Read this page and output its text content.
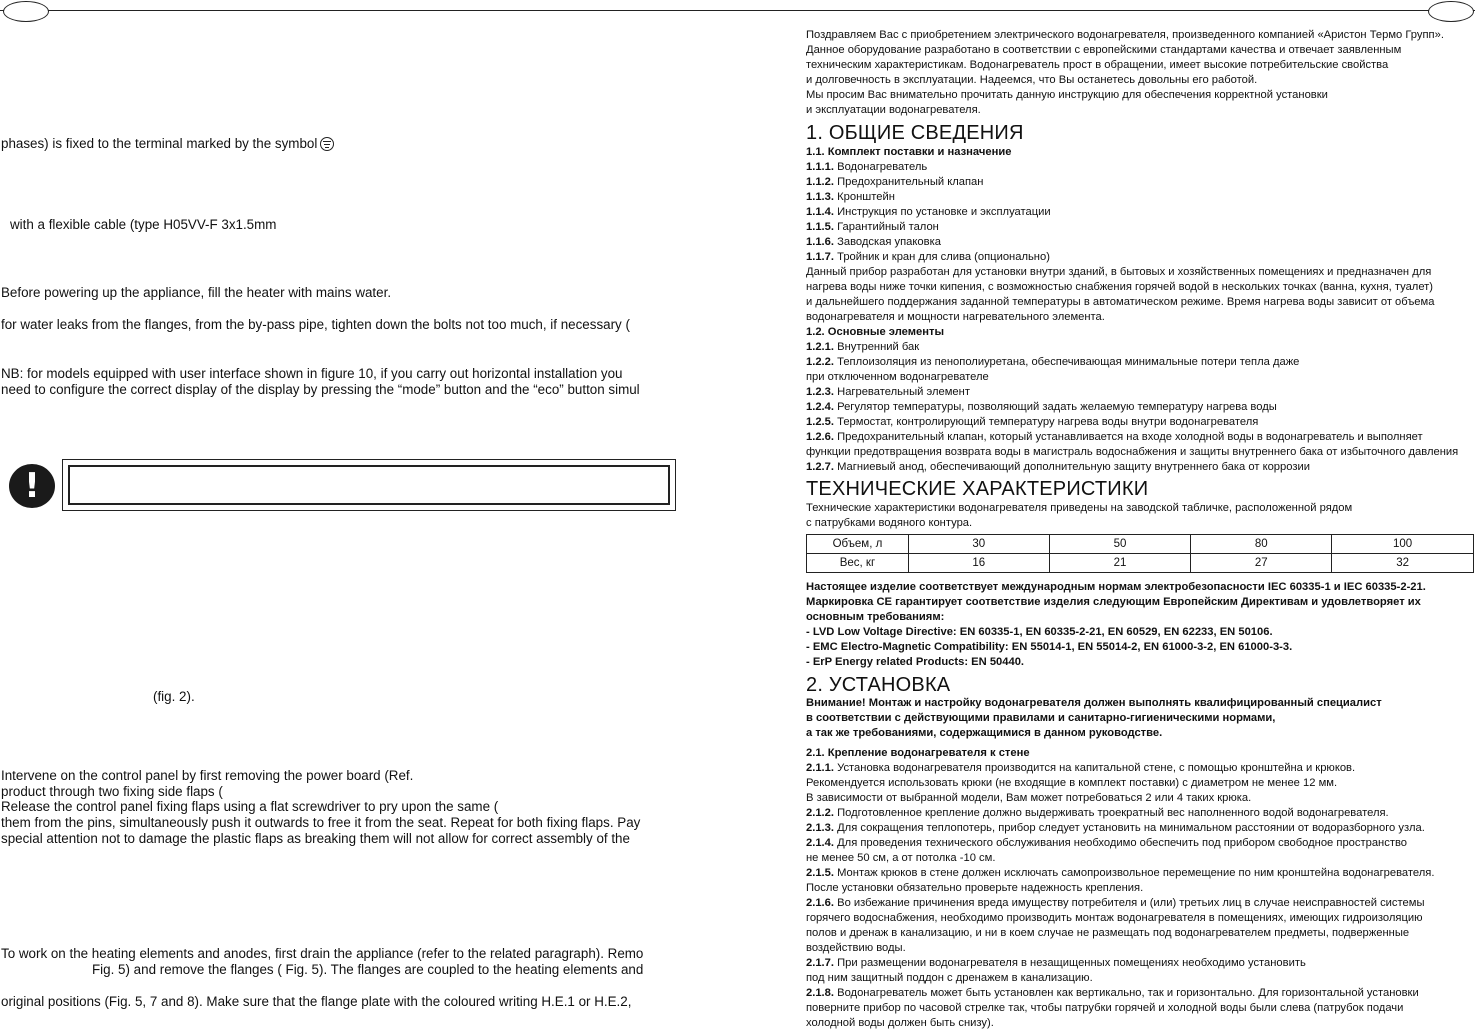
phases) is fixed to the terminal marked by the symbol
with a flexible cable (type H05VV-F 3x1.5mm
Before powering up the appliance, fill the heater with mains water.
for water leaks from the flanges, from the by-pass pipe, tighten down the bolts not too much, if necessary (
NB: for models equipped with user interface shown in figure 10, if you carry out horizontal installation you
need to configure the correct display of the display by pressing the “mode” button and the “eco” button simul
!
(fig. 2).
Intervene on the control panel by first removing the power board (Ref.
product through two fixing side flaps (
Release the control panel fixing flaps using a flat screwdriver to pry upon the same (
them from the pins, simultaneously push it outwards to free it from the seat. Repeat for both fixing flaps. Pay
special attention not to damage the plastic flaps as breaking them will not allow for correct assembly of the
To work on the heating elements and anodes, first drain the appliance (refer to the related paragraph). Remo
Fig. 5) and remove the flanges ( Fig. 5). The flanges are coupled to the heating elements and
original positions (Fig. 5, 7 and 8). Make sure that the flange plate with the coloured writing H.E.1 or H.E.2,
Поздравляем Вас с приобретением электрического водонагревателя, произведенного компанией «Аристон Термо Групп».
Данное оборудование разработано в соответствии с европейскими стандартами качества и отвечает заявленным
техническим характеристикам. Водонагреватель прост в обращении, имеет высокие потребительские свойства
и долговечность в эксплуатации. Надеемся, что Вы останетесь довольны его работой.
Мы просим Вас внимательно прочитать данную инструкцию для обеспечения корректной установки
и эксплуатации водонагревателя.
1. ОБЩИЕ СВЕДЕНИЯ
1.1. Комплект поставки и назначение
1.1.1. Водонагреватель
1.1.2. Предохранительный клапан
1.1.3. Кронштейн
1.1.4. Инструкция по установке и эксплуатации
1.1.5. Гарантийный талон
1.1.6. Заводская упаковка
1.1.7. Тройник и кран для слива (опционально)
Данный прибор разработан для установки внутри зданий, в бытовых и хозяйственных помещениях и предназначен для
нагрева воды ниже точки кипения, с возможностью снабжения горячей водой в нескольких точках (ванна, кухня, туалет)
и дальнейшего поддержания заданной температуры в автоматическом режиме. Время нагрева воды зависит от объема
водонагревателя и мощности нагревательного элемента.
1.2. Основные элементы
1.2.1. Внутренний бак
1.2.2. Теплоизоляция из пенополиуретана, обеспечивающая минимальные потери тепла даже
при отключенном водонагревателе
1.2.3. Нагревательный элемент
1.2.4. Регулятор температуры, позволяющий задать желаемую температуру нагрева воды
1.2.5. Термостат, контролирующий температуру нагрева воды внутри водонагревателя
1.2.6. Предохранительный клапан, который устанавливается на входе холодной воды в водонагреватель и выполняет
функции предотвращения возврата воды в магистраль водоснабжения и защиты внутреннего бака от избыточного давления
1.2.7. Магниевый анод, обеспечивающий дополнительную защиту внутреннего бака от коррозии
ТЕХНИЧЕСКИЕ ХАРАКТЕРИСТИКИ
Технические характеристики водонагревателя приведены на заводской табличке, расположенной рядом
с патрубками водяного контура.
Объем, л	30	50	80	100
Вес, кг	16	21	27	32
Настоящее изделие соответствует международным нормам электробезопасности IEC 60335-1 и IEC 60335-2-21.
Маркировка CE гарантирует соответствие изделия следующим Европейским Директивам и удовлетворяет их
основным требованиям:
- LVD Low Voltage Directive: EN 60335-1, EN 60335-2-21, EN 60529, EN 62233, EN 50106.
- EMC Electro-Magnetic Compatibility: EN 55014-1, EN 55014-2, EN 61000-3-2, EN 61000-3-3.
- ErP Energy related Products: EN 50440.
2. УСТАНОВКА
Внимание! Монтаж и настройку водонагревателя должен выполнять квалифицированный специалист
в соответствии с действующими правилами и санитарно-гигиеническими нормами,
а так же требованиями, содержащимися в данном руководстве.
2.1. Крепление водонагревателя к стене
2.1.1. Установка водонагревателя производится на капитальной стене, с помощью кронштейна и крюков.
Рекомендуется использовать крюки (не входящие в комплект поставки) с диаметром не менее 12 мм.
В зависимости от выбранной модели, Вам может потребоваться 2 или 4 таких крюка.
2.1.2. Подготовленное крепление должно выдерживать троекратный вес наполненного водой водонагревателя.
2.1.3. Для сокращения теплопотерь, прибор следует установить на минимальном расстоянии от водоразборного узла.
2.1.4. Для проведения технического обслуживания необходимо обеспечить под прибором свободное пространство
не менее 50 см, а от потолка -10 см.
2.1.5. Монтаж крюков в стене должен исключать самопроизвольное перемещение по ним кронштейна водонагревателя.
После установки обязательно проверьте надежность крепления.
2.1.6. Во избежание причинения вреда имуществу потребителя и (или) третьих лиц в случае неисправностей системы
горячего водоснабжения, необходимо производить монтаж водонагревателя в помещениях, имеющих гидроизоляцию
полов и дренаж в канализацию, и ни в коем случае не размещать под водонагревателем предметы, подверженные
воздействию воды.
2.1.7. При размещении водонагревателя в незащищенных помещениях необходимо установить
под ним защитный поддон с дренажем в канализацию.
2.1.8. Водонагреватель может быть установлен как вертикально, так и горизонтально. Для горизонтальной установки
поверните прибор по часовой стрелке так, чтобы патрубки горячей и холодной воды были слева (патрубок подачи
холодной воды должен быть снизу).
